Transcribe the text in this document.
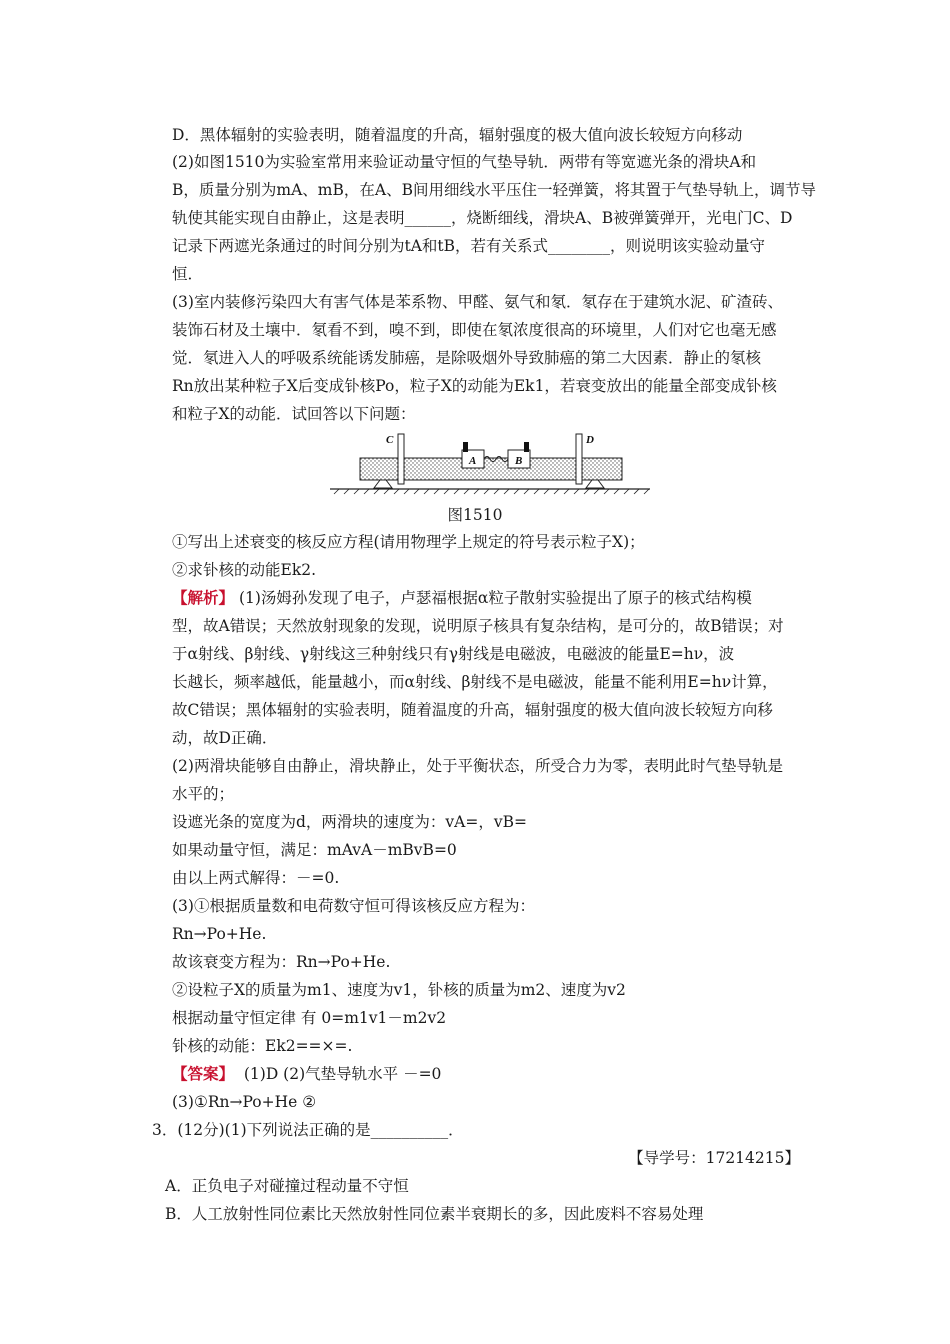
D．黑体辐射的实验表明，随着温度的升高，辐射强度的极大值向波长较短方向移动
(2)如图1510为实验室常用来验证动量守恒的气垫导轨．两带有等宽遮光条的滑块A和
B，质量分别为mA、mB，在A、B间用细线水平压住一轻弹簧，将其置于气垫导轨上，调节导
轨使其能实现自由静止，这是表明______，烧断细线，滑块A、B被弹簧弹开，光电门C、D
记录下两遮光条通过的时间分别为tA和tB，若有关系式________，则说明该实验动量守
恒．
(3)室内装修污染四大有害气体是苯系物、甲醛、氨气和氡．氡存在于建筑水泥、矿渣砖、
装饰石材及土壤中．氡看不到，嗅不到，即使在氡浓度很高的环境里，人们对它也毫无感
觉．氡进入人的呼吸系统能诱发肺癌，是除吸烟外导致肺癌的第二大因素．静止的氡核
Rn放出某种粒子X后变成钋核Po，粒子X的动能为Ek1，若衰变放出的能量全部变成钋核
和粒子X的动能．试回答以下问题：
C	D
A	B
图1510
①写出上述衰变的核反应方程(请用物理学上规定的符号表示粒子X)；
②求钋核的动能Ek2.
【解析】 (1)汤姆孙发现了电子，卢瑟福根据α粒子散射实验提出了原子的核式结构模
型，故A错误；天然放射现象的发现，说明原子核具有复杂结构，是可分的，故B错误；对
于α射线、β射线、γ射线这三种射线只有γ射线是电磁波，电磁波的能量E=hν，波
长越长，频率越低，能量越小，而α射线、β射线不是电磁波，能量不能利用E=hν计算，
故C错误；黑体辐射的实验表明，随着温度的升高，辐射强度的极大值向波长较短方向移
动，故D正确．
(2)两滑块能够自由静止，滑块静止，处于平衡状态，所受合力为零，表明此时气垫导轨是
水平的；
设遮光条的宽度为d，两滑块的速度为：vA=，vB=
如果动量守恒，满足：mAvA－mBvB=0
由以上两式解得：－=0.
(3)①根据质量数和电荷数守恒可得该核反应方程为：
Rn→Po+He.
故该衰变方程为：Rn→Po+He.
②设粒子X的质量为m1、速度为v1，钋核的质量为m2、速度为v2
根据动量守恒定律 有 0=m1v1－m2v2
钋核的动能：Ek2==×=.
【答案】 (1)D (2)气垫导轨水平 －=0
(3)①Rn→Po+He ②
3．(12分)(1)下列说法正确的是__________．
【导学号：17214215】
A．正负电子对碰撞过程动量不守恒
B．人工放射性同位素比天然放射性同位素半衰期长的多，因此废料不容易处理
